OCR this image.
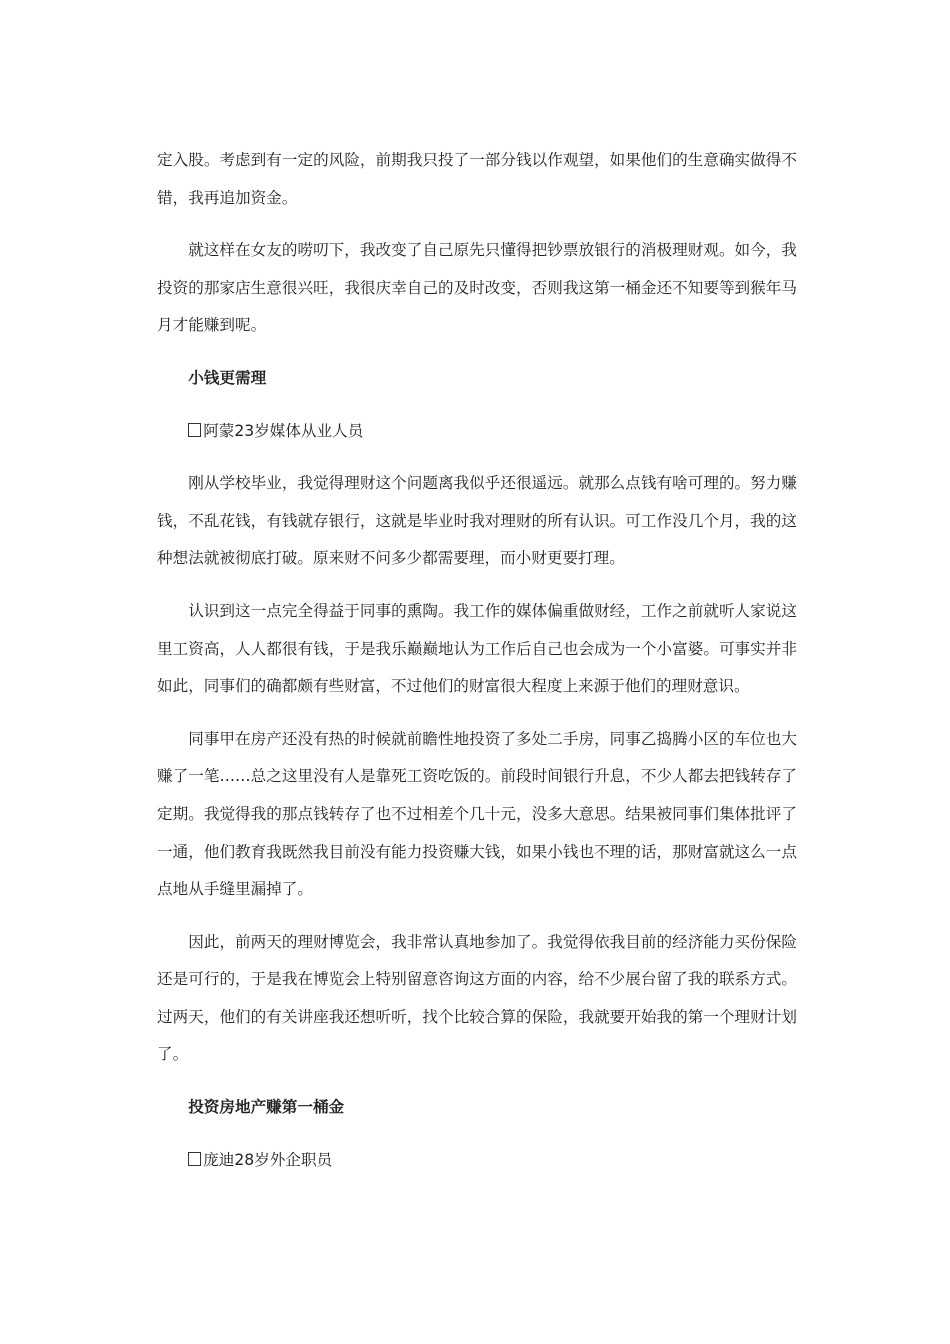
定入股。考虑到有一定的风险，前期我只投了一部分钱以作观望，如果他们的生意确实做得不错，我再追加资金。

就这样在女友的唠叨下，我改变了自己原先只懂得把钞票放银行的消极理财观。如今，我投资的那家店生意很兴旺，我很庆幸自己的及时改变，否则我这第一桶金还不知要等到猴年马月才能赚到呢。

小钱更需理

阿蒙23岁媒体从业人员

刚从学校毕业，我觉得理财这个问题离我似乎还很遥远。就那么点钱有啥可理的。努力赚钱，不乱花钱，有钱就存银行，这就是毕业时我对理财的所有认识。可工作没几个月，我的这种想法就被彻底打破。原来财不问多少都需要理，而小财更要打理。

认识到这一点完全得益于同事的熏陶。我工作的媒体偏重做财经，工作之前就听人家说这里工资高，人人都很有钱，于是我乐巅巅地认为工作后自己也会成为一个小富婆。可事实并非如此，同事们的确都颇有些财富，不过他们的财富很大程度上来源于他们的理财意识。

同事甲在房产还没有热的时候就前瞻性地投资了多处二手房，同事乙捣腾小区的车位也大赚了一笔……总之这里没有人是靠死工资吃饭的。前段时间银行升息，不少人都去把钱转存了定期。我觉得我的那点钱转存了也不过相差个几十元，没多大意思。结果被同事们集体批评了一通，他们教育我既然我目前没有能力投资赚大钱，如果小钱也不理的话，那财富就这么一点点地从手缝里漏掉了。

因此，前两天的理财博览会，我非常认真地参加了。我觉得依我目前的经济能力买份保险还是可行的，于是我在博览会上特别留意咨询这方面的内容，给不少展台留了我的联系方式。过两天，他们的有关讲座我还想听听，找个比较合算的保险，我就要开始我的第一个理财计划了。

投资房地产赚第一桶金

庞迪28岁外企职员
